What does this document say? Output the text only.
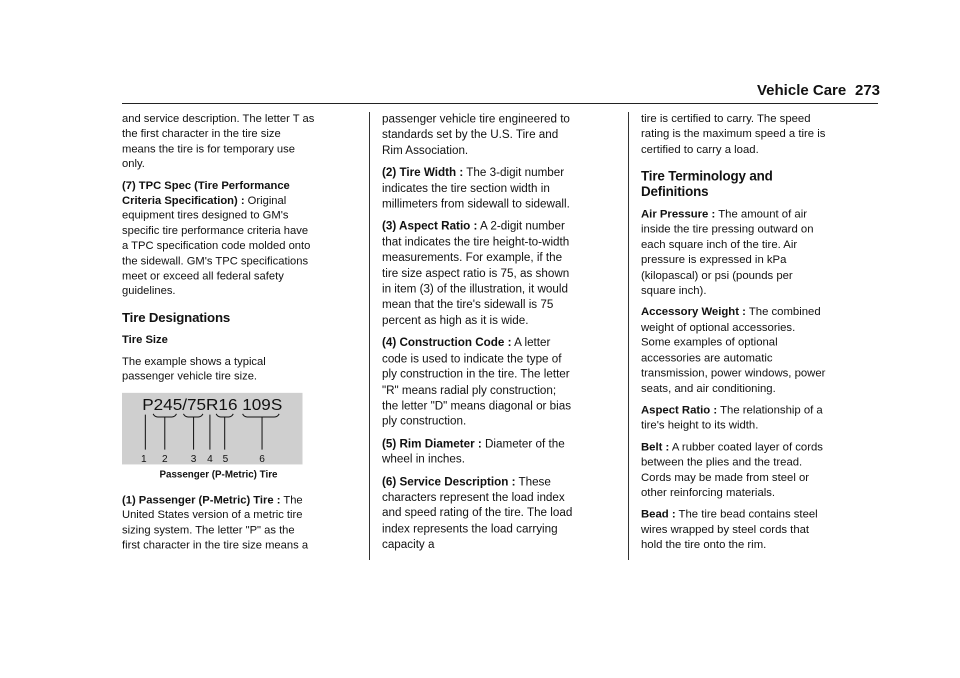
Vehicle Care 273

and service description. The letter T as the first character in the tire size means the tire is for temporary use only.

(7) TPC Spec (Tire Performance Criteria Specification) : Original equipment tires designed to GM's specific tire performance criteria have a TPC specification code molded onto the sidewall. GM's TPC specifications meet or exceed all federal safety guidelines.

Tire Designations
Tire Size

The example shows a typical passenger vehicle tire size.

P245/75R16 109S
1 2 3 4 5 6
Passenger (P-Metric) Tire

(1) Passenger (P-Metric) Tire : The United States version of a metric tire sizing system. The letter "P" as the first character in the tire size means a

passenger vehicle tire engineered to standards set by the U.S. Tire and Rim Association.

(2) Tire Width : The 3-digit number indicates the tire section width in millimeters from sidewall to sidewall.

(3) Aspect Ratio : A 2-digit number that indicates the tire height-to-width measurements. For example, if the tire size aspect ratio is 75, as shown in item (3) of the illustration, it would mean that the tire's sidewall is 75 percent as high as it is wide.

(4) Construction Code : A letter code is used to indicate the type of ply construction in the tire. The letter "R" means radial ply construction; the letter "D" means diagonal or bias ply construction.

(5) Rim Diameter : Diameter of the wheel in inches.

(6) Service Description : These characters represent the load index and speed rating of the tire. The load index represents the load carrying capacity a

tire is certified to carry. The speed rating is the maximum speed a tire is certified to carry a load.

Tire Terminology and Definitions

Air Pressure : The amount of air inside the tire pressing outward on each square inch of the tire. Air pressure is expressed in kPa (kilopascal) or psi (pounds per square inch).

Accessory Weight : The combined weight of optional accessories. Some examples of optional accessories are automatic transmission, power windows, power seats, and air conditioning.

Aspect Ratio : The relationship of a tire's height to its width.

Belt : A rubber coated layer of cords between the plies and the tread. Cords may be made from steel or other reinforcing materials.

Bead : The tire bead contains steel wires wrapped by steel cords that hold the tire onto the rim.
